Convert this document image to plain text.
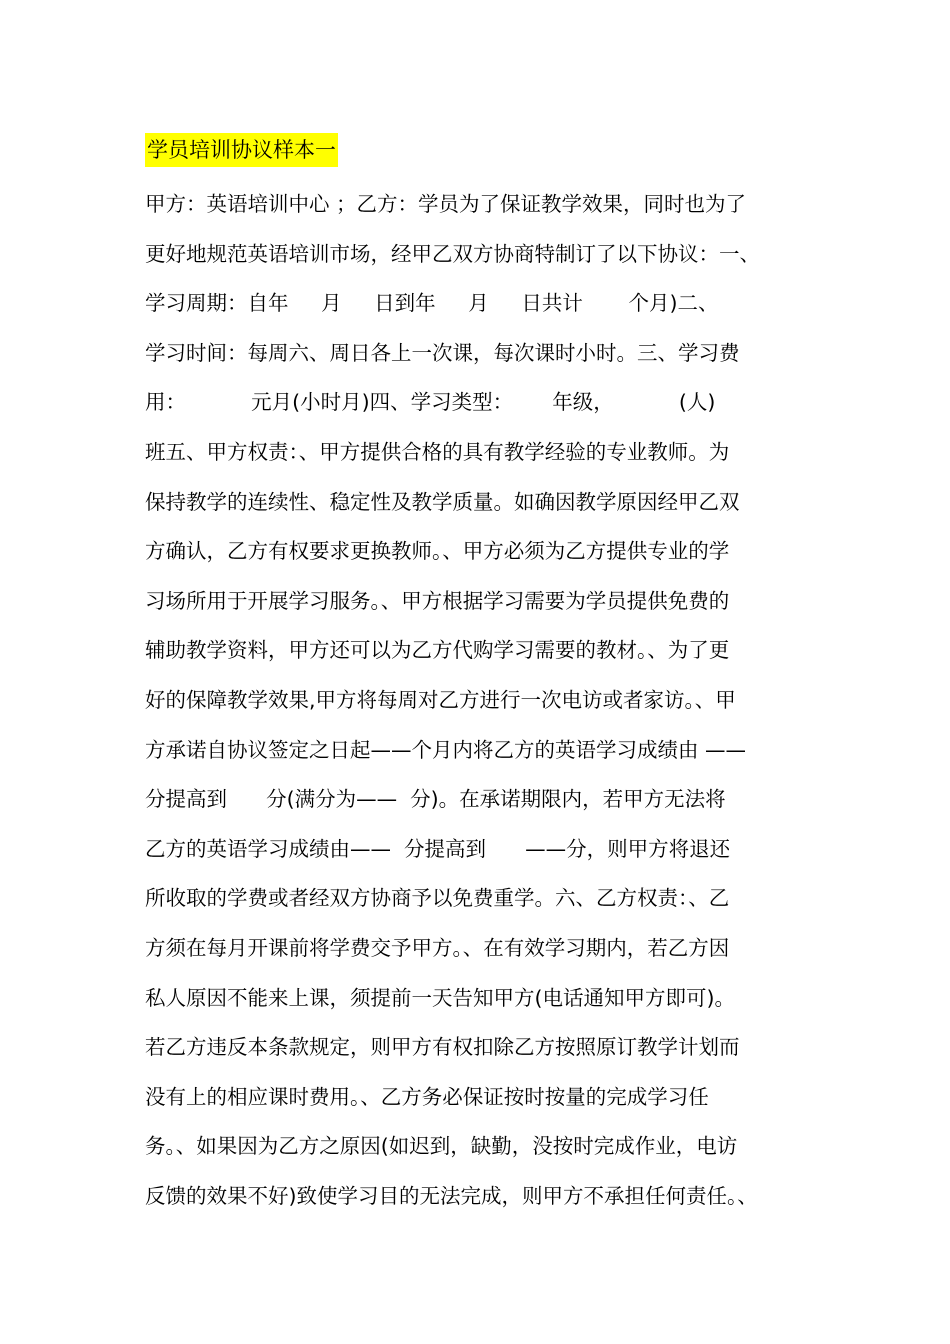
学员培训协议样本一
甲方：英语培训中心 ；乙方：学员为了保证教学效果，同时也为了
更好地规范英语培训市场，经甲乙双方协商特制订了以下协议：一、
学习周期：自年     月     日到年     月     日共计       个月)二、
学习时间：每周六、周日各上一次课，每次课时小时。三、学习费
用：          元月(小时月)四、学习类型：      年级，          (人)
班五、甲方权责：、甲方提供合格的具有教学经验的专业教师。为
保持教学的连续性、稳定性及教学质量。如确因教学原因经甲乙双
方确认，乙方有权要求更换教师。、甲方必须为乙方提供专业的学
习场所用于开展学习服务。、甲方根据学习需要为学员提供免费的
辅助教学资料，甲方还可以为乙方代购学习需要的教材。、为了更
好的保障教学效果,甲方将每周对乙方进行一次电访或者家访。、甲
方承诺自协议签定之日起——个月内将乙方的英语学习成绩由 ——
分提高到      分(满分为——  分)。在承诺期限内，若甲方无法将
乙方的英语学习成绩由——  分提高到      ——分，则甲方将退还
所收取的学费或者经双方协商予以免费重学。六、乙方权责：、乙
方须在每月开课前将学费交予甲方。、在有效学习期内，若乙方因
私人原因不能来上课，须提前一天告知甲方(电话通知甲方即可)。
若乙方违反本条款规定，则甲方有权扣除乙方按照原订教学计划而
没有上的相应课时费用。、乙方务必保证按时按量的完成学习任
务。、如果因为乙方之原因(如迟到，缺勤，没按时完成作业，电访
反馈的效果不好)致使学习目的无法完成，则甲方不承担任何责任。、
